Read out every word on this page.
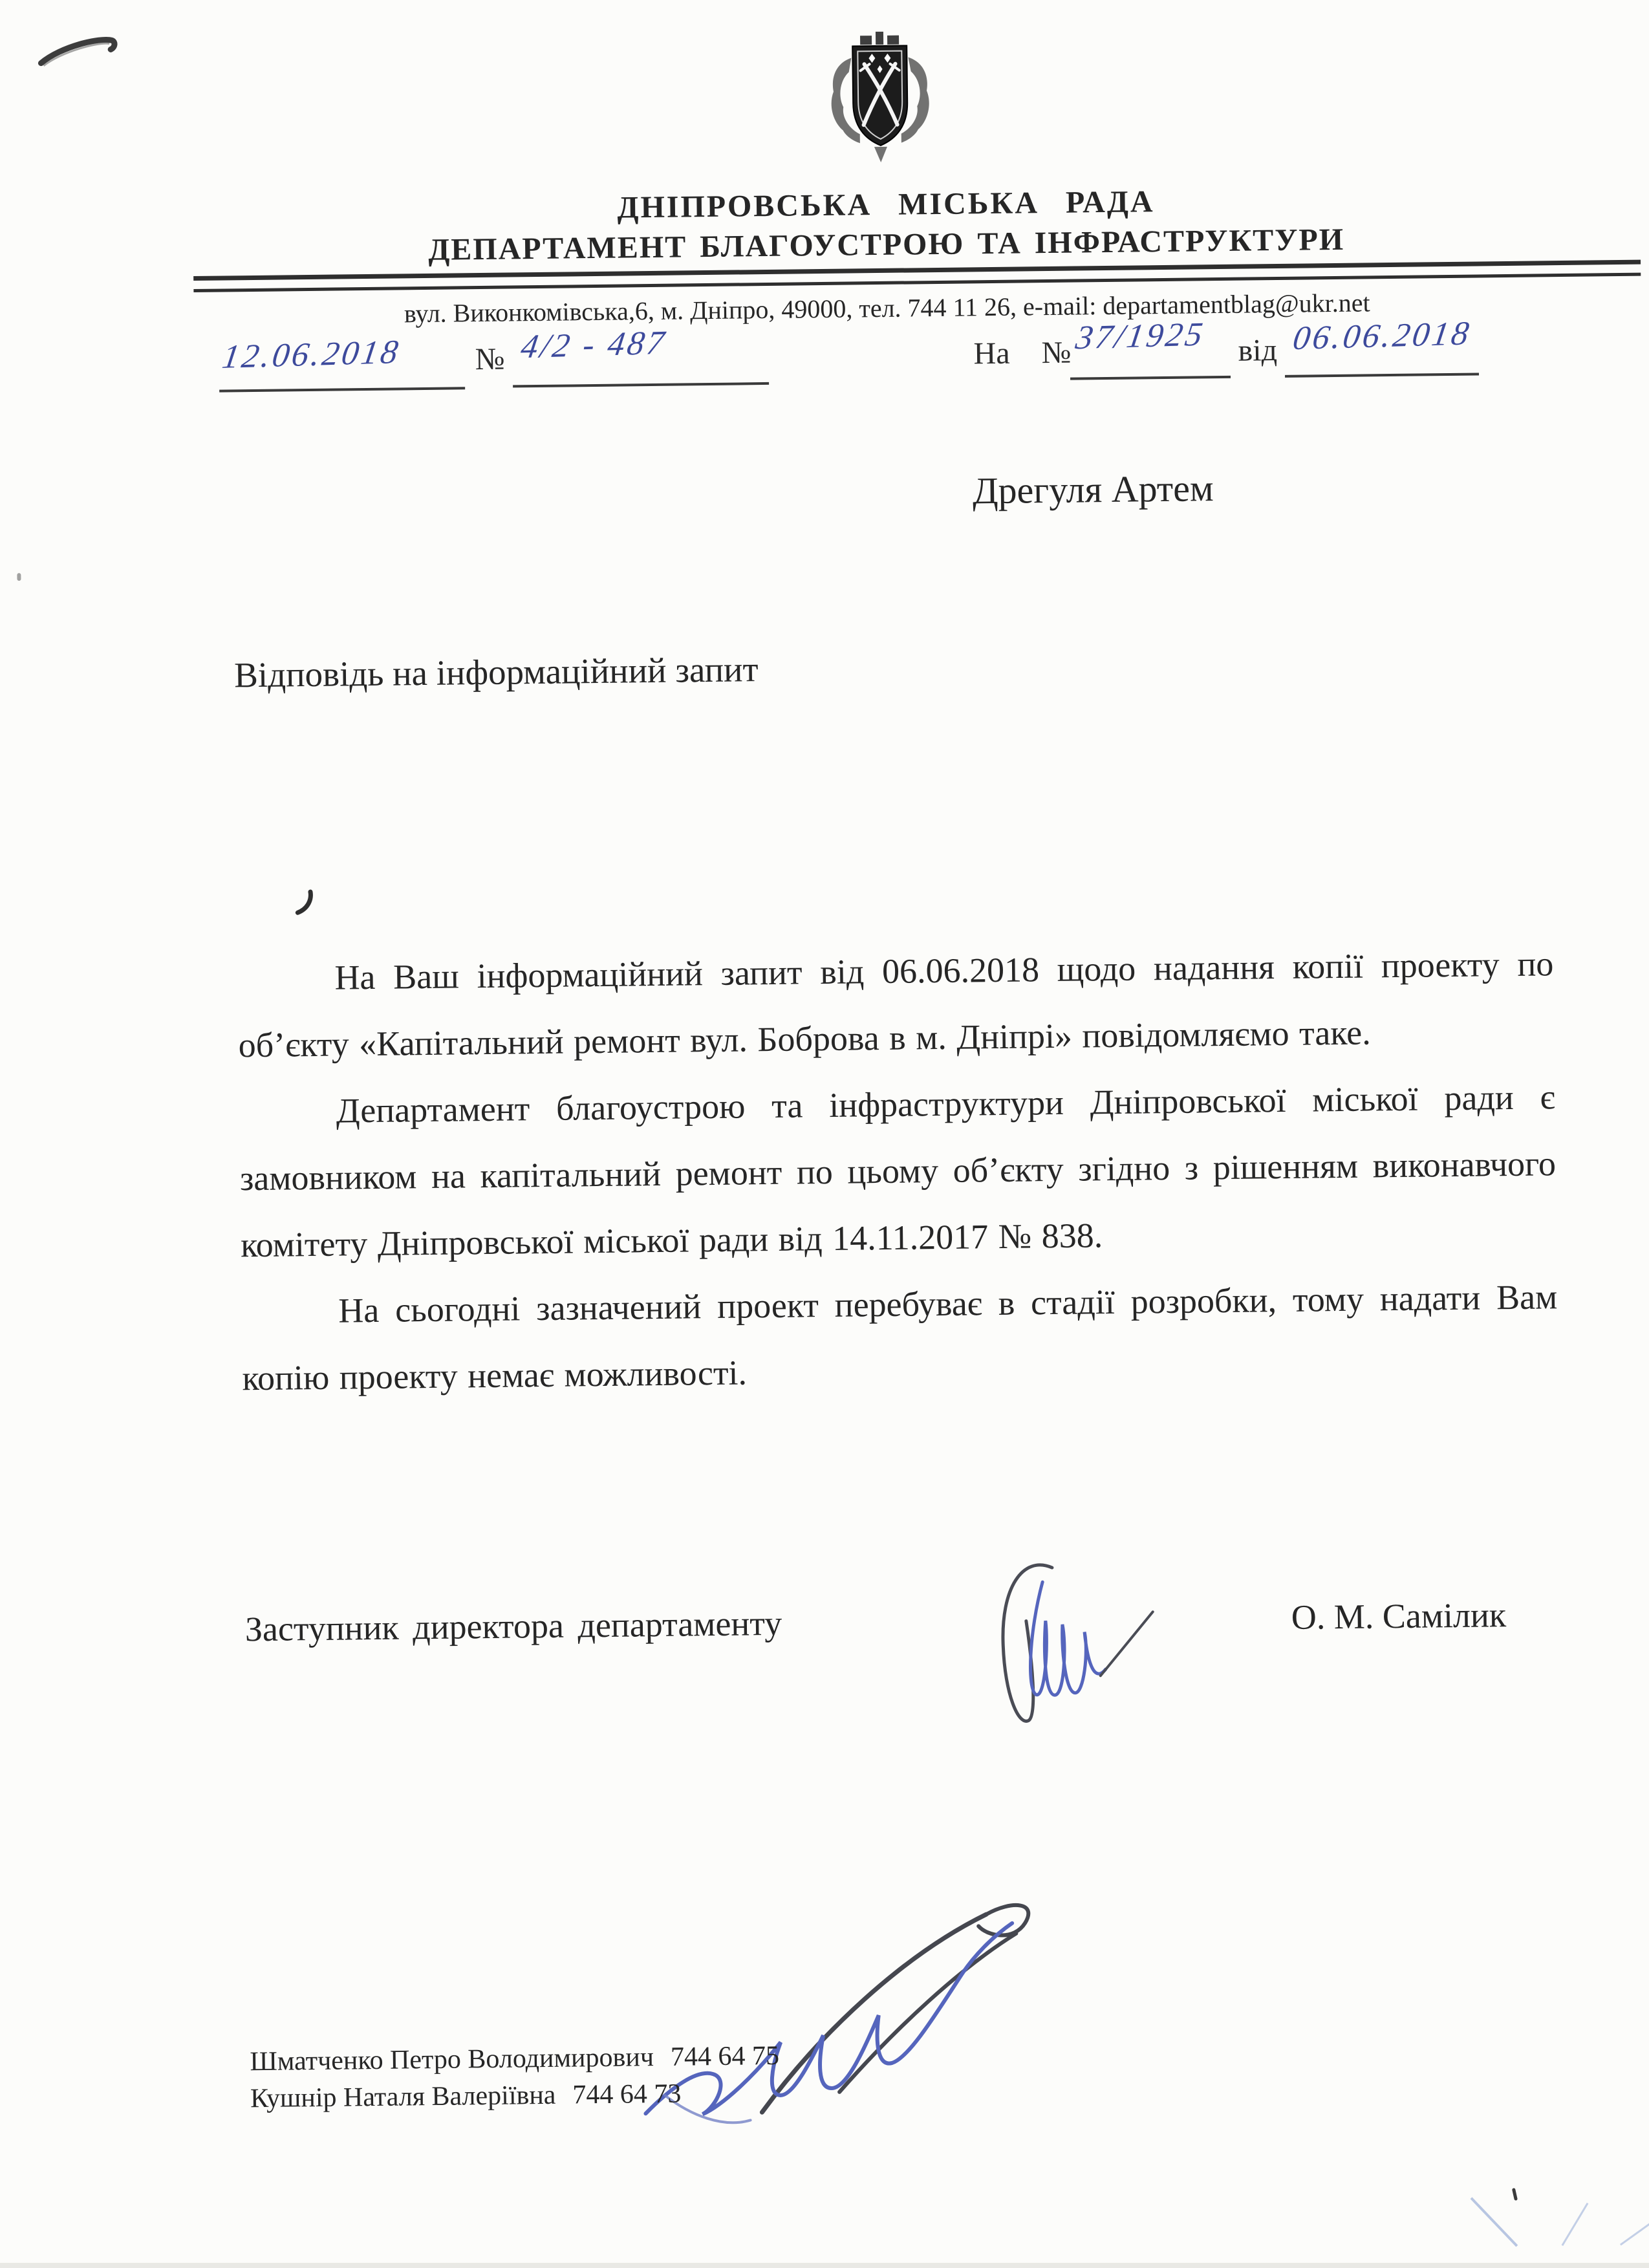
ДНІПРОВСЬКА МІСЬКА РАДА
ДЕПАРТАМЕНТ БЛАГОУСТРОЮ ТА ІНФРАСТРУКТУРИ
вул. Виконкомівська,6, м. Дніпро, 49000, тел. 744 11 26, e-mail: departamentblag@ukr.net
12.06.2018 № 4/2 - 487	На № 37/1925 від 06.06.2018
Дрегуля Артем
Відповідь на інформаційний запит

На Ваш інформаційний запит від 06.06.2018 щодо надання копії проекту по об’єкту «Капітальний ремонт вул. Боброва в м. Дніпрі» повідомляємо таке.

Департамент благоустрою та інфраструктури Дніпровської міської ради є замовником на капітальний ремонт по цьому об’єкту згідно з рішенням виконавчого комітету Дніпровської міської ради від 14.11.2017 № 838.

На сьогодні зазначений проект перебуває в стадії розробки, тому надати Вам копію проекту немає можливості.

Заступник директора департаменту	О. М. Самілик
Шматченко Петро Володимирович 744 64 75
Кушнір Наталя Валеріївна 744 64 73
